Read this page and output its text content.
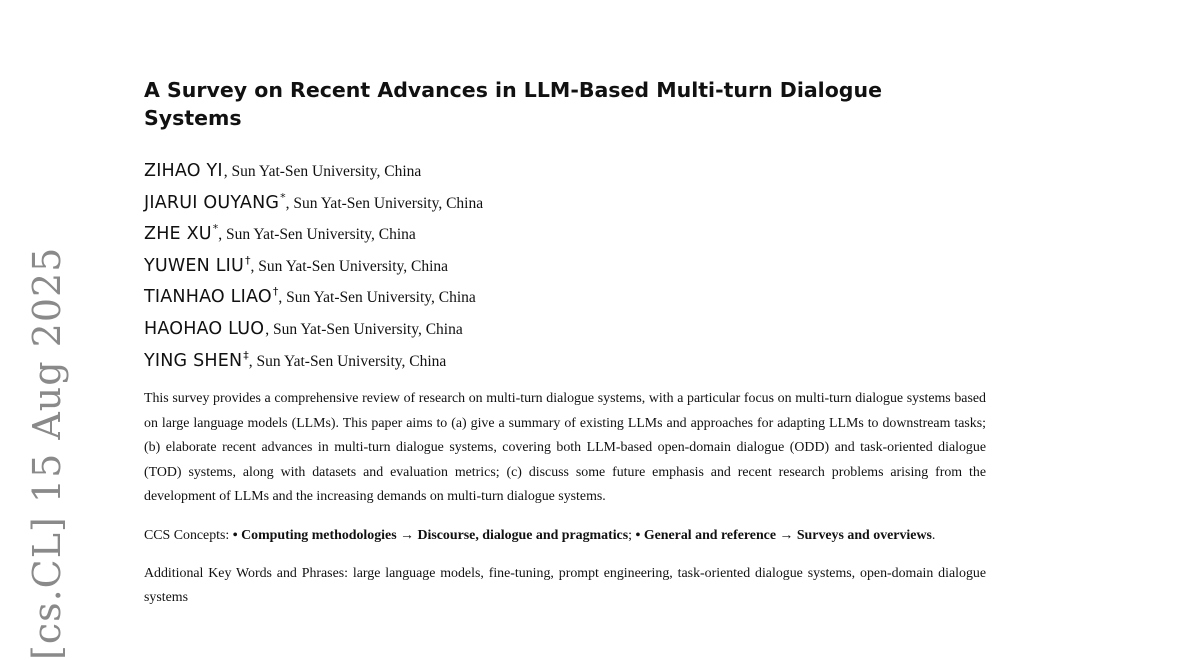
[cs.CL] 15 Aug 2025
A Survey on Recent Advances in LLM-Based Multi-turn Dialogue Systems
ZIHAO YI, Sun Yat-Sen University, China
JIARUI OUYANG*, Sun Yat-Sen University, China
ZHE XU*, Sun Yat-Sen University, China
YUWEN LIU†, Sun Yat-Sen University, China
TIANHAO LIAO†, Sun Yat-Sen University, China
HAOHAO LUO, Sun Yat-Sen University, China
YING SHEN‡, Sun Yat-Sen University, China

This survey provides a comprehensive review of research on multi-turn dialogue systems, with a particular focus on multi-turn dialogue systems based on large language models (LLMs). This paper aims to (a) give a summary of existing LLMs and approaches for adapting LLMs to downstream tasks; (b) elaborate recent advances in multi-turn dialogue systems, covering both LLM-based open-domain dialogue (ODD) and task-oriented dialogue (TOD) systems, along with datasets and evaluation metrics; (c) discuss some future emphasis and recent research problems arising from the development of LLMs and the increasing demands on multi-turn dialogue systems.

CCS Concepts: • Computing methodologies → Discourse, dialogue and pragmatics; • General and reference → Surveys and overviews.

Additional Key Words and Phrases: large language models, fine-tuning, prompt engineering, task-oriented dialogue systems, open-domain dialogue systems
